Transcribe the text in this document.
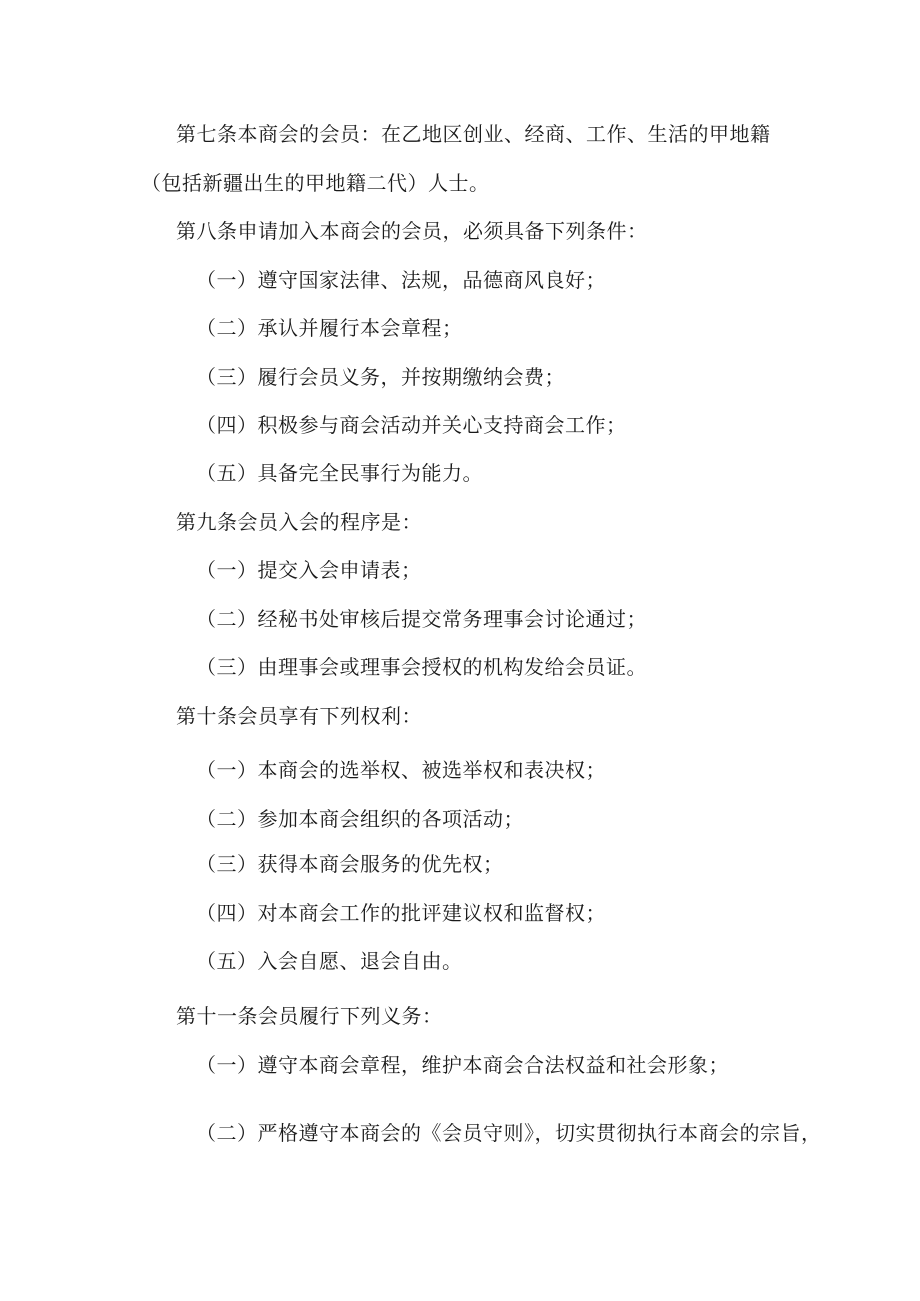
第七条本商会的会员：在乙地区创业、经商、工作、生活的甲地籍
（包括新疆出生的甲地籍二代）人士。
第八条申请加入本商会的会员，必须具备下列条件：
（一）遵守国家法律、法规，品德商风良好；
（二）承认并履行本会章程；
（三）履行会员义务，并按期缴纳会费；
（四）积极参与商会活动并关心支持商会工作；
（五）具备完全民事行为能力。
第九条会员入会的程序是：
（一）提交入会申请表；
（二）经秘书处审核后提交常务理事会讨论通过；
（三）由理事会或理事会授权的机构发给会员证。
第十条会员享有下列权利：
（一）本商会的选举权、被选举权和表决权；
（二）参加本商会组织的各项活动；
（三）获得本商会服务的优先权；
（四）对本商会工作的批评建议权和监督权；
（五）入会自愿、退会自由。
第十一条会员履行下列义务：
（一）遵守本商会章程，维护本商会合法权益和社会形象；
（二）严格遵守本商会的《会员守则》，切实贯彻执行本商会的宗旨，
